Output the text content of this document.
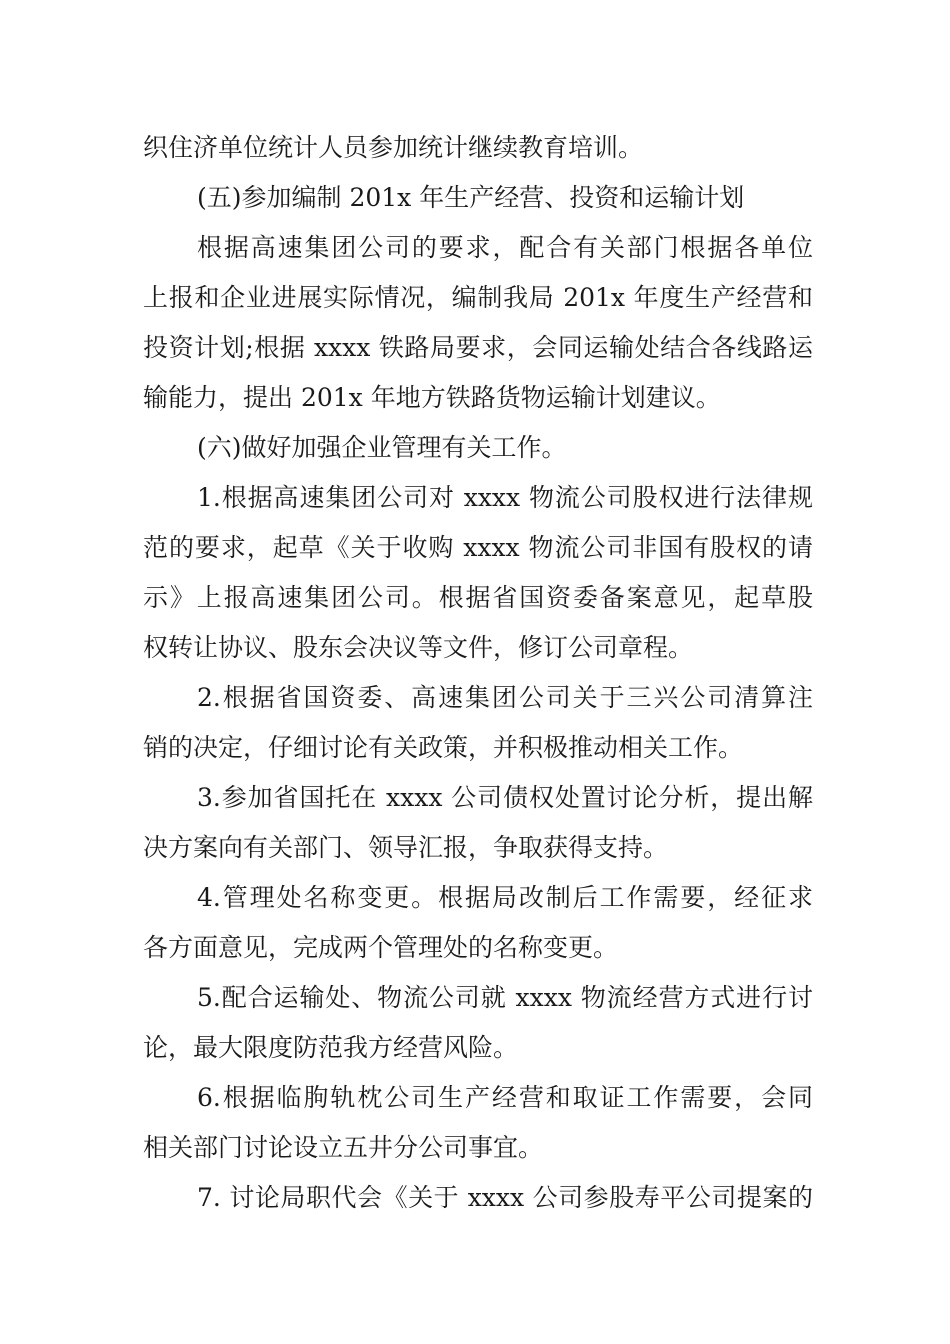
织住济单位统计人员参加统计继续教育培训。
(五)参加编制 201x 年生产经营、投资和运输计划
根据高速集团公司的要求，配合有关部门根据各单位
上报和企业进展实际情况，编制我局 201x 年度生产经营和
投资计划;根据 xxxx 铁路局要求，会同运输处结合各线路运
输能力，提出 201x 年地方铁路货物运输计划建议。
(六)做好加强企业管理有关工作。
1.根据高速集团公司对 xxxx 物流公司股权进行法律规
范的要求，起草《关于收购 xxxx 物流公司非国有股权的请
示》上报高速集团公司。根据省国资委备案意见，起草股
权转让协议、股东会决议等文件，修订公司章程。
2.根据省国资委、高速集团公司关于三兴公司清算注
销的决定，仔细讨论有关政策，并积极推动相关工作。
3.参加省国托在 xxxx 公司债权处置讨论分析，提出解
决方案向有关部门、领导汇报，争取获得支持。
4.管理处名称变更。根据局改制后工作需要，经征求
各方面意见，完成两个管理处的名称变更。
5.配合运输处、物流公司就 xxxx 物流经营方式进行讨
论，最大限度防范我方经营风险。
6.根据临朐轨枕公司生产经营和取证工作需要，会同
相关部门讨论设立五井分公司事宜。
7. 讨论局职代会《关于 xxxx 公司参股寿平公司提案的
